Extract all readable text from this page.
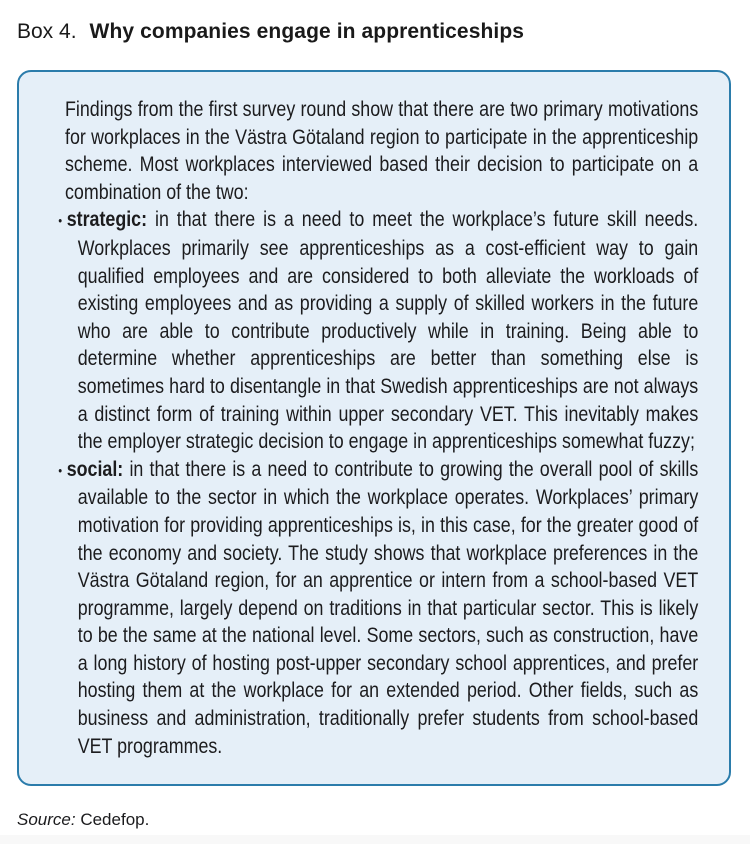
Box 4. Why companies engage in apprenticeships

Findings from the first survey round show that there are two primary motivations for workplaces in the Västra Götaland region to participate in the apprenticeship scheme. Most workplaces interviewed based their decision to participate on a combination of the two:

• strategic: in that there is a need to meet the workplace’s future skill needs. Workplaces primarily see apprenticeships as a cost-efficient way to gain qualified employees and are considered to both alleviate the workloads of existing employees and as providing a supply of skilled workers in the future who are able to contribute productively while in training. Being able to determine whether apprenticeships are better than something else is sometimes hard to disentangle in that Swedish apprenticeships are not always a distinct form of training within upper secondary VET. This inevitably makes the employer strategic decision to engage in apprenticeships somewhat fuzzy;
• social: in that there is a need to contribute to growing the overall pool of skills available to the sector in which the workplace operates. Workplaces’ primary motivation for providing apprenticeships is, in this case, for the greater good of the economy and society. The study shows that workplace preferences in the Västra Götaland region, for an apprentice or intern from a school-based VET programme, largely depend on traditions in that particular sector. This is likely to be the same at the national level. Some sectors, such as construction, have a long history of hosting post-upper secondary school apprentices, and prefer hosting them at the workplace for an extended period. Other fields, such as business and administration, traditionally prefer students from school-based VET programmes.

Source: Cedefop.
